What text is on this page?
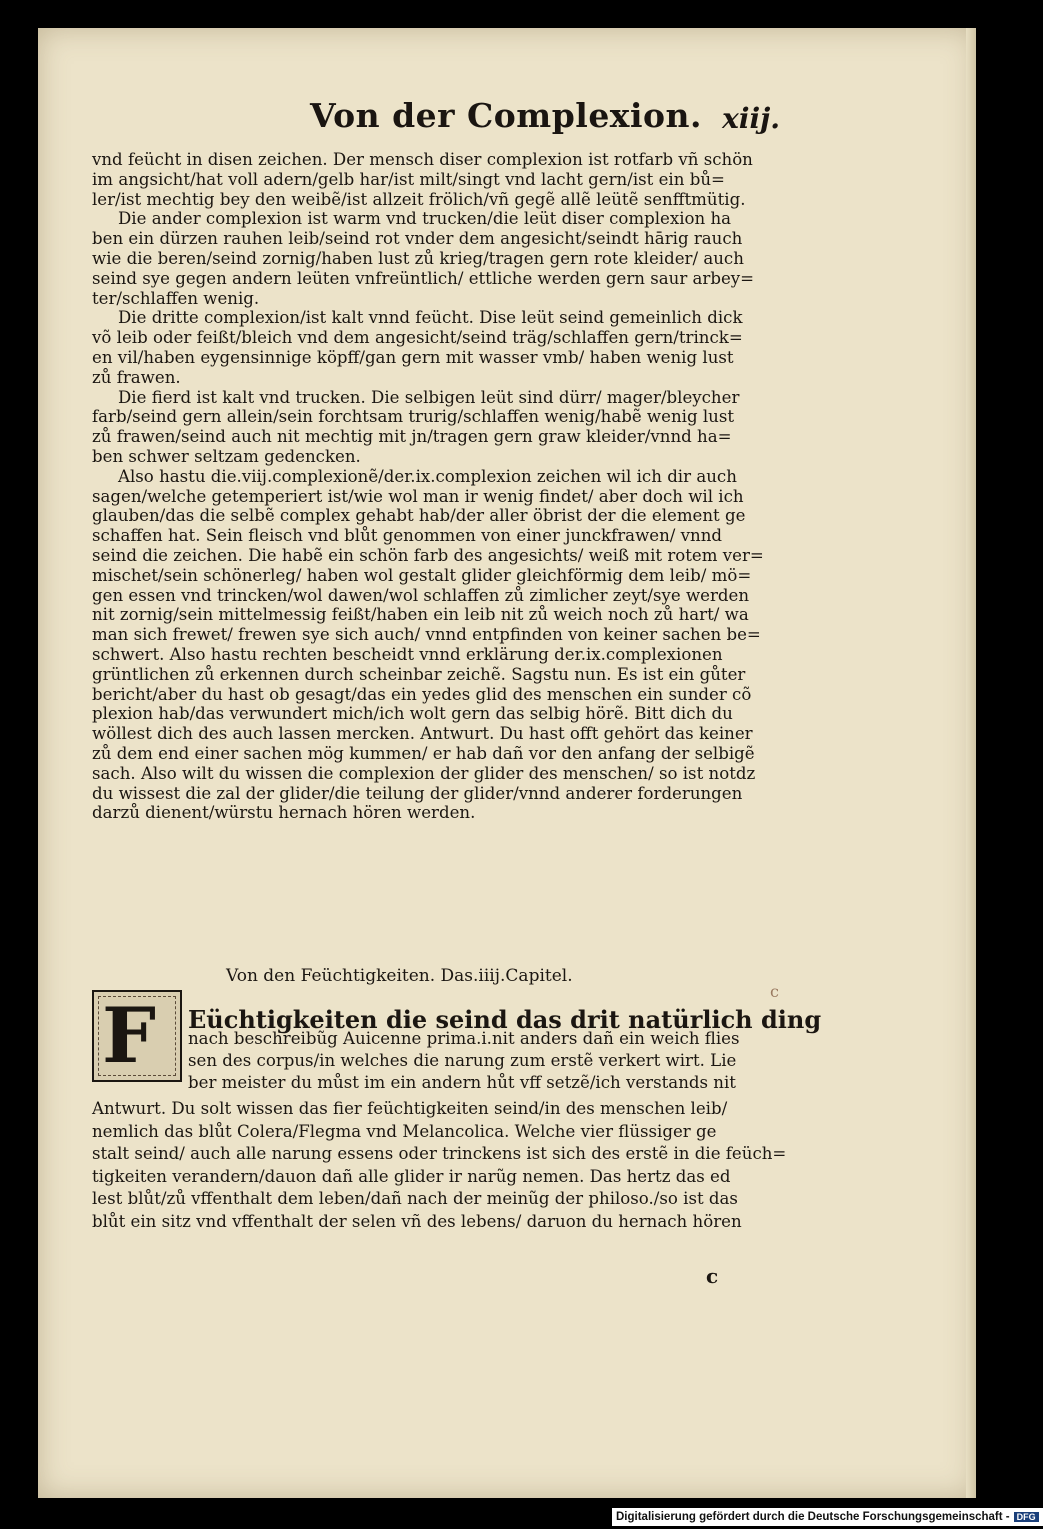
Von der Complexion. xiij.
vnd feücht in disen zeichen. Der mensch diser complexion ist rotfarb vñ schön
im angsicht/hat voll adern/gelb har/ist milt/singt vnd lacht gern/ist ein bů=
ler/ist mechtig bey den weibẽ/ist allzeit frölich/vñ gegẽ allẽ leütẽ senfftmütig.
Die ander complexion ist warm vnd trucken/die leüt diser complexion ha
ben ein dürzen rauhen leib/seind rot vnder dem angesicht/seindt hārig rauch
wie die beren/seind zornig/haben lust zů krieg/tragen gern rote kleider/ auch
seind sye gegen andern leüten vnfreüntlich/ ettliche werden gern saur arbey=
ter/schlaffen wenig.
Die dritte complexion/ist kalt vnnd feücht. Dise leüt seind gemeinlich dick
võ leib oder feißt/bleich vnd dem angesicht/seind träg/schlaffen gern/trinck=
en vil/haben eygensinnige köpff/gan gern mit wasser vmb/ haben wenig lust
zů frawen.
Die fierd ist kalt vnd trucken. Die selbigen leüt sind dürr/ mager/bleycher
farb/seind gern allein/sein forchtsam trurig/schlaffen wenig/habẽ wenig lust
zů frawen/seind auch nit mechtig mit jn/tragen gern graw kleider/vnnd ha=
ben schwer seltzam gedencken.
Also hastu die.viij.complexionẽ/der.ix.complexion zeichen wil ich dir auch
sagen/welche getemperiert ist/wie wol man ir wenig findet/ aber doch wil ich
glauben/das die selbẽ complex gehabt hab/der aller öbrist der die element ge
schaffen hat. Sein fleisch vnd blůt genommen von einer junckfrawen/ vnnd
seind die zeichen. Die habẽ ein schön farb des angesichts/ weiß mit rotem ver=
mischet/sein schönerleg/ haben wol gestalt glider gleichförmig dem leib/ mö=
gen essen vnd trincken/wol dawen/wol schlaffen zů zimlicher zeyt/sye werden
nit zornig/sein mittelmessig feißt/haben ein leib nit zů weich noch zů hart/ wa
man sich frewet/ frewen sye sich auch/ vnnd entpfinden von keiner sachen be=
schwert. Also hastu rechten bescheidt vnnd erklärung der.ix.complexionen
grüntlichen zů erkennen durch scheinbar zeichẽ. Sagstu nun. Es ist ein gůter
bericht/aber du hast ob gesagt/das ein yedes glid des menschen ein sunder cõ
plexion hab/das verwundert mich/ich wolt gern das selbig hörẽ. Bitt dich du
wöllest dich des auch lassen mercken. Antwurt. Du hast offt gehört das keiner
zů dem end einer sachen mög kummen/ er hab dañ vor den anfang der selbigẽ
sach. Also wilt du wissen die complexion der glider des menschen/ so ist notdz
du wissest die zal der glider/die teilung der glider/vnnd anderer forderungen
darzů dienent/würstu hernach hören werden.
Von den Feüchtigkeiten. Das.iiij.Capitel.
c
F Eüchtigkeiten die seind das drit natürlich ding
nach beschreibũg Auicenne prima.i.nit anders dañ ein weich flies
sen des corpus/in welches die narung zum erstẽ verkert wirt. Lie
ber meister du můst im ein andern hůt vff setzẽ/ich verstands nit
Antwurt. Du solt wissen das fier feüchtigkeiten seind/in des menschen leib/
nemlich das blůt Colera/Flegma vnd Melancolica. Welche vier flüssiger ge
stalt seind/ auch alle narung essens oder trinckens ist sich des erstẽ in die feüch=
tigkeiten verandern/dauon dañ alle glider ir narũg nemen. Das hertz das ed
lest blůt/zů vffenthalt dem leben/dañ nach der meinũg der philoso./so ist das
blůt ein sitz vnd vffenthalt der selen vñ des lebens/ daruon du hernach hören
c
Digitalisierung gefördert durch die Deutsche Forschungsgemeinschaft - DFG
